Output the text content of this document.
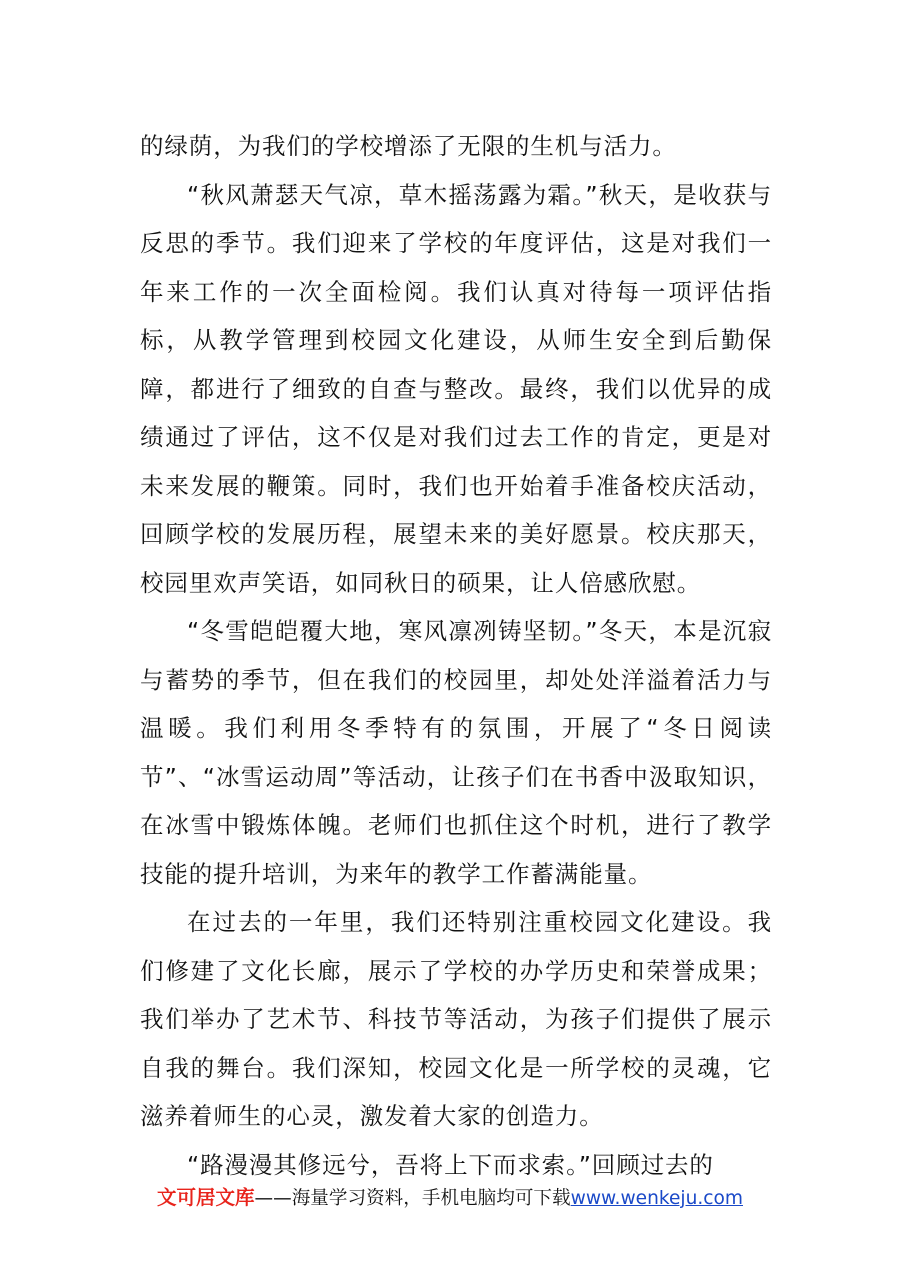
的绿荫，为我们的学校增添了无限的生机与活力。

“秋风萧瑟天气凉，草木摇荡露为霜。”秋天，是收获与反思的季节。我们迎来了学校的年度评估，这是对我们一年来工作的一次全面检阅。我们认真对待每一项评估指标，从教学管理到校园文化建设，从师生安全到后勤保障，都进行了细致的自查与整改。最终，我们以优异的成绩通过了评估，这不仅是对我们过去工作的肯定，更是对未来发展的鞭策。同时，我们也开始着手准备校庆活动，回顾学校的发展历程，展望未来的美好愿景。校庆那天，校园里欢声笑语，如同秋日的硕果，让人倍感欣慰。

“冬雪皑皑覆大地，寒风凛冽铸坚韧。”冬天，本是沉寂与蓄势的季节，但在我们的校园里，却处处洋溢着活力与温暖。我们利用冬季特有的氛围，开展了“冬日阅读节”、“冰雪运动周”等活动，让孩子们在书香中汲取知识，在冰雪中锻炼体魄。老师们也抓住这个时机，进行了教学技能的提升培训，为来年的教学工作蓄满能量。

在过去的一年里，我们还特别注重校园文化建设。我们修建了文化长廊，展示了学校的办学历史和荣誉成果；我们举办了艺术节、科技节等活动，为孩子们提供了展示自我的舞台。我们深知，校园文化是一所学校的灵魂，它滋养着师生的心灵，激发着大家的创造力。

“路漫漫其修远兮，吾将上下而求索。”回顾过去的

文可居文库——海量学习资料，手机电脑均可下载www.wenkeju.com
